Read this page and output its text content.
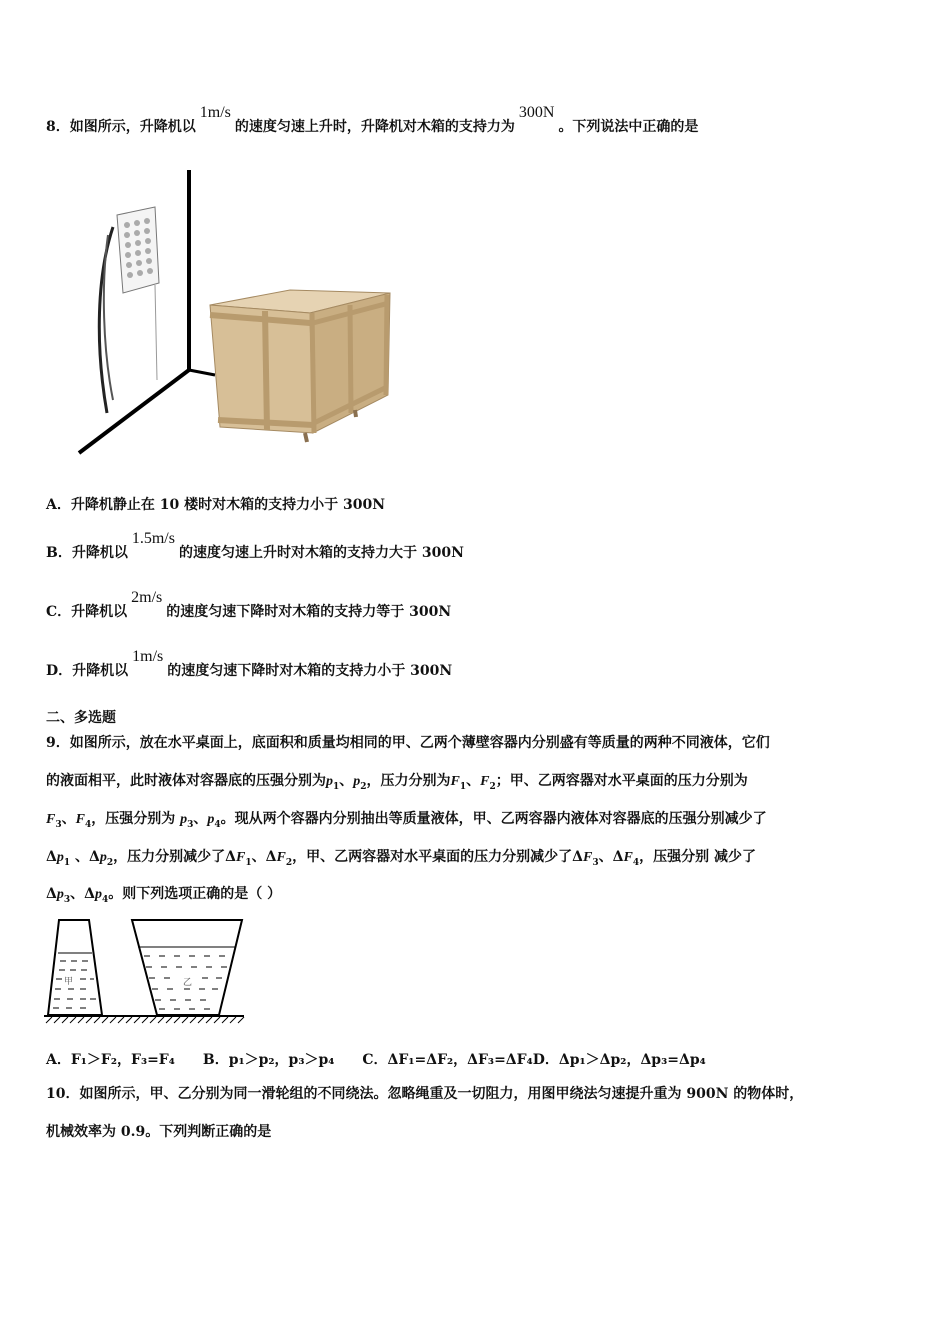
8．如图所示，升降机以1m/s的速度匀速上升时，升降机对木箱的支持力为300N。下列说法中正确的是
A．升降机静止在 10 楼时对木箱的支持力小于 300N
B．升降机以1.5m/s的速度匀速上升时对木箱的支持力大于 300N
C．升降机以2m/s的速度匀速下降时对木箱的支持力等于 300N
D．升降机以1m/s的速度匀速下降时对木箱的支持力小于 300N
二、多选题
9．如图所示，放在水平桌面上，底面积和质量均相同的甲、乙两个薄壁容器内分别盛有等质量的两种不同液体，它们
的液面相平，此时液体对容器底的压强分别为$p_1$、$p_2$，压力分别为$F_1$、$F_2$；甲、乙两容器对水平桌面的压力分别为
$F_3$、$F_4$，压强分别为 $p_3$、$p_4$。现从两个容器内分别抽出等质量液体，甲、乙两容器内液体对容器底的压强分别减少了
$\Delta p_1$ 、$\Delta p_2$，压力分别减少了$\Delta F_1$、$\Delta F_2$，甲、乙两容器对水平桌面的压力分别减少了$\Delta F_3$、$\Delta F_4$，压强分别 减少了
$\Delta p_3$、$\Delta p_4$。则下列选项正确的是（ ）
甲	乙
A．F₁＞F₂，F₃=F₄　　B．p₁＞p₂，p₃＞p₄　　C．ΔF₁=ΔF₂，ΔF₃=ΔF₄D．Δp₁＞Δp₂，Δp₃=Δp₄
10．如图所示，甲、乙分别为同一滑轮组的不同绕法。忽略绳重及一切阻力，用图甲绕法匀速提升重为 900N 的物体时，
机械效率为 0.9。下列判断正确的是
